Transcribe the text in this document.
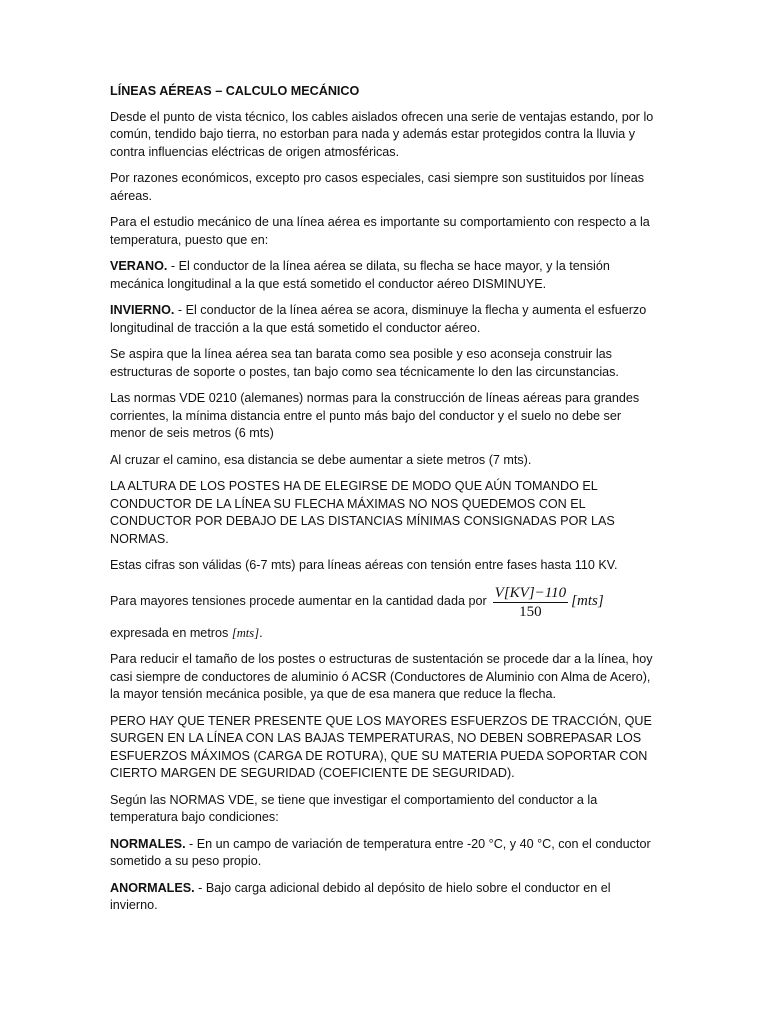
LÍNEAS AÉREAS – CALCULO MECÁNICO

Desde el punto de vista técnico, los cables aislados ofrecen una serie de ventajas estando, por lo común, tendido bajo tierra, no estorban para nada y además estar protegidos contra la lluvia y contra influencias eléctricas de origen atmosféricas.

Por razones económicos, excepto pro casos especiales, casi siempre son sustituidos por líneas aéreas.

Para el estudio mecánico de una línea aérea es importante su comportamiento con respecto a la temperatura, puesto que en:

VERANO. - El conductor de la línea aérea se dilata, su flecha se hace mayor, y la tensión mecánica longitudinal a la que está sometido el conductor aéreo DISMINUYE.

INVIERNO. - El conductor de la línea aérea se acora, disminuye la flecha y aumenta el esfuerzo longitudinal de tracción a la que está sometido el conductor aéreo.

Se aspira que la línea aérea sea tan barata como sea posible y eso aconseja construir las estructuras de soporte o postes, tan bajo como sea técnicamente lo den las circunstancias.

Las normas VDE 0210 (alemanes) normas para la construcción de líneas aéreas para grandes corrientes, la mínima distancia entre el punto más bajo del conductor y el suelo no debe ser menor de seis metros (6 mts)

Al cruzar el camino, esa distancia se debe aumentar a siete metros (7 mts).

LA ALTURA DE LOS POSTES HA DE ELEGIRSE DE MODO QUE AÚN TOMANDO EL CONDUCTOR DE LA LÍNEA SU FLECHA MÁXIMAS NO NOS QUEDEMOS CON EL CONDUCTOR POR DEBAJO DE LAS DISTANCIAS MÍNIMAS CONSIGNADAS POR LAS NORMAS.

Estas cifras son válidas (6-7 mts) para líneas aéreas con tensión entre fases hasta 110 KV.

Para mayores tensiones procede aumentar en la cantidad dada por $\frac{V[KV]-110}{150} [mts]$

expresada en metros [mts].

Para reducir el tamaño de los postes o estructuras de sustentación se procede dar a la línea, hoy casi siempre de conductores de aluminio ó ACSR (Conductores de Aluminio con Alma de Acero), la mayor tensión mecánica posible, ya que de esa manera que reduce la flecha.

PERO HAY QUE TENER PRESENTE QUE LOS MAYORES ESFUERZOS DE TRACCIÓN, QUE SURGEN EN LA LÍNEA CON LAS BAJAS TEMPERATURAS, NO DEBEN SOBREPASAR LOS ESFUERZOS MÁXIMOS (CARGA DE ROTURA), QUE SU MATERIA PUEDA SOPORTAR CON CIERTO MARGEN DE SEGURIDAD (COEFICIENTE DE SEGURIDAD).

Según las NORMAS VDE, se tiene que investigar el comportamiento del conductor a la temperatura bajo condiciones:

NORMALES. - En un campo de variación de temperatura entre -20 °C, y 40 °C, con el conductor sometido a su peso propio.

ANORMALES. - Bajo carga adicional debido al depósito de hielo sobre el conductor en el invierno.
